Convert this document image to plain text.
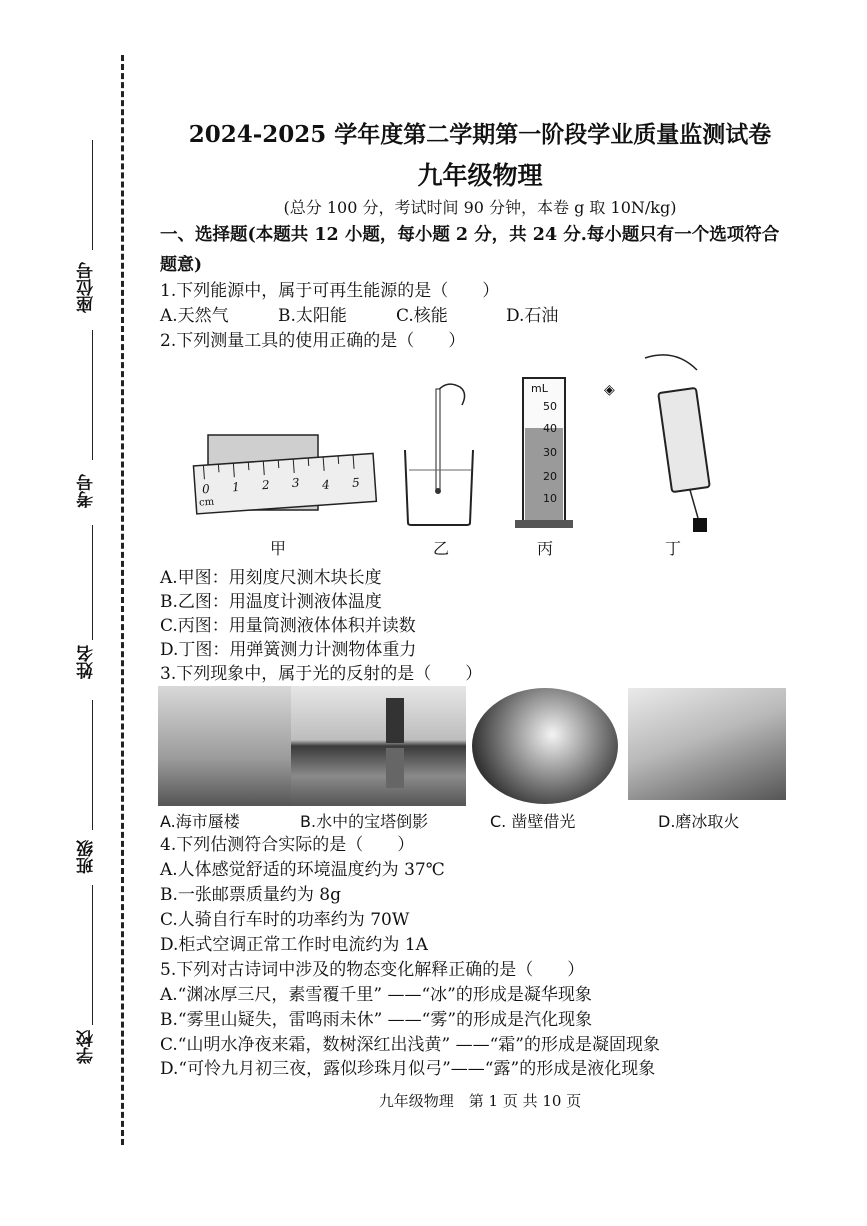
座位号
考号
姓名
班级
学校
2024-2025 学年度第二学期第一阶段学业质量监测试卷
九年级物理
(总分 100 分，考试时间 90 分钟，本卷 g 取 10N/kg)
一、选择题(本题共 12 小题，每小题 2 分，共 24 分.每小题只有一个选项符合
题意)
1.下列能源中，属于可再生能源的是（　　）
A.天然气	B.太阳能	C.核能	D.石油
2.下列测量工具的使用正确的是（　　）
0 1 2 3 4 5
cm
mL
50
40
30
20
10
◈
甲	乙	丙	丁
A.甲图：用刻度尺测木块长度
B.乙图：用温度计测液体温度
C.丙图：用量筒测液体体积并读数
D.丁图：用弹簧测力计测物体重力
3.下列现象中，属于光的反射的是（　　）
A.海市蜃楼	B.水中的宝塔倒影	C. 凿壁借光	D.磨冰取火
4.下列估测符合实际的是（　　）
A.人体感觉舒适的环境温度约为 37℃
B.一张邮票质量约为 8g
C.人骑自行车时的功率约为 70W
D.柜式空调正常工作时电流约为 1A
5.下列对古诗词中涉及的物态变化解释正确的是（　　）
A.“渊冰厚三尺，素雪覆千里” ——“冰”的形成是凝华现象
B.“雾里山疑失，雷鸣雨未休” ——“雾”的形成是汽化现象
C.“山明水净夜来霜，数树深红出浅黄” ——“霜”的形成是凝固现象
D.“可怜九月初三夜，露似珍珠月似弓”——“露”的形成是液化现象
九年级物理　第 1 页 共 10 页
